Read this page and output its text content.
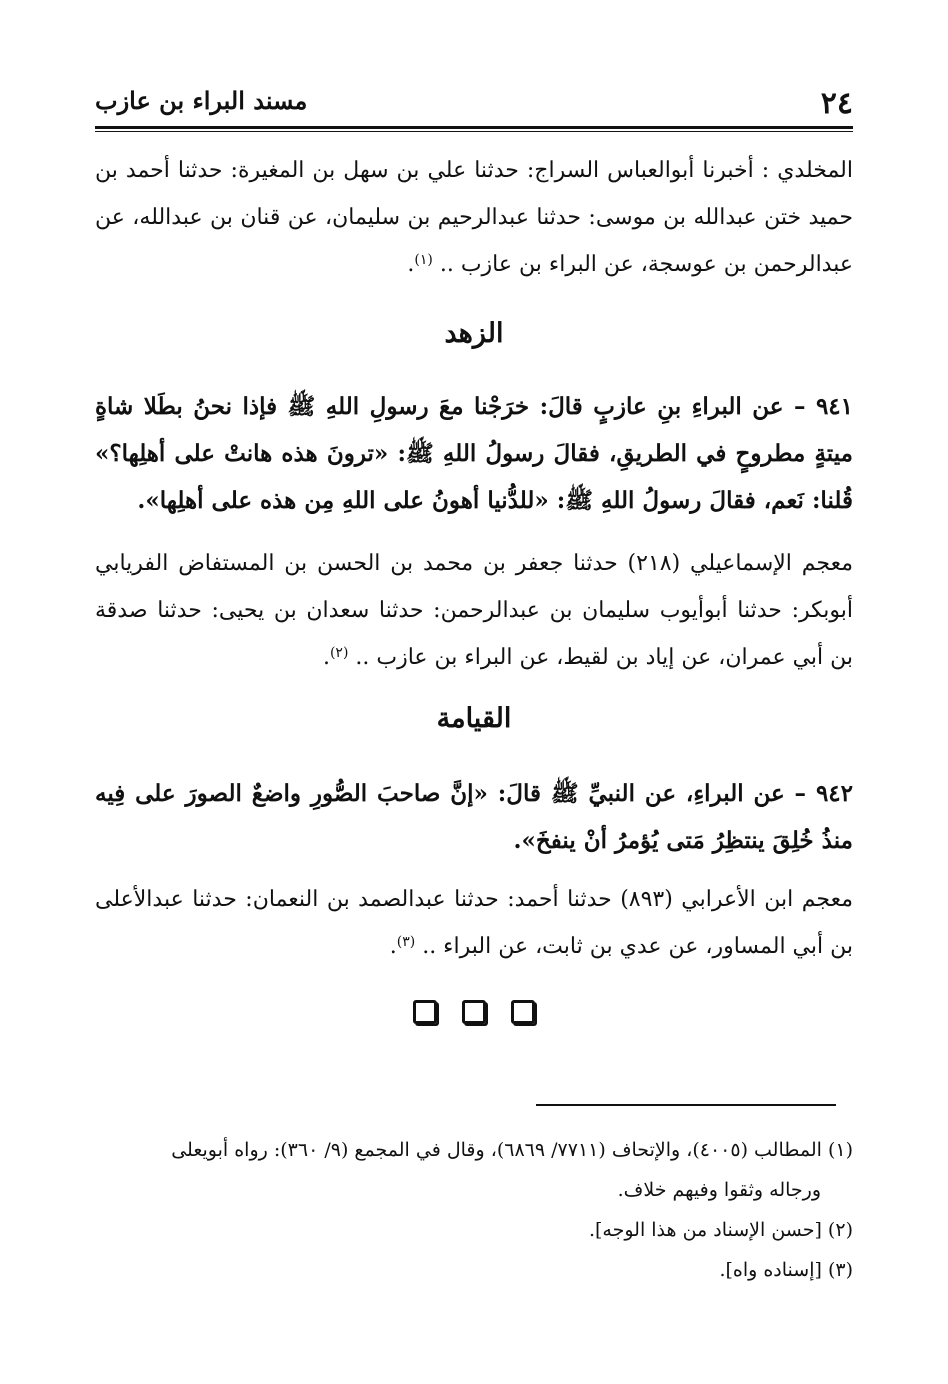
٢٤
مسند البراء بن عازب
المخلدي : أخبرنا أبوالعباس السراج: حدثنا علي بن سهل بن المغيرة: حدثنا أحمد بن حميد ختن عبدالله بن موسى: حدثنا عبدالرحيم بن سليمان، عن قنان بن عبدالله، عن عبدالرحمن بن عوسجة، عن البراء بن عازب .. $^{(١)}$.
الزهد
٩٤١ – عن البراءِ بنِ عازبٍ قالَ: خرَجْنا معَ رسولِ اللهِ ﷺ فإذا نحنُ بطَلا شاةٍ ميتةٍ مطروحٍ في الطريقِ، فقالَ رسولُ اللهِ ﷺ: «ترونَ هذه هانتْ على أهلِها؟» قُلنا: نَعم، فقالَ رسولُ اللهِ ﷺ: «للدُّنيا أهونُ على اللهِ مِن هذه على أهلِها».
معجم الإسماعيلي (٢١٨) حدثنا جعفر بن محمد بن الحسن بن المستفاض الفريابي أبوبكر: حدثنا أبوأيوب سليمان بن عبدالرحمن: حدثنا سعدان بن يحيى: حدثنا صدقة بن أبي عمران، عن إياد بن لقيط، عن البراء بن عازب .. $^{(٢)}$.
القيامة
٩٤٢ – عن البراءِ، عن النبيِّ ﷺ قالَ: «إنَّ صاحبَ الصُّورِ واضعٌ الصورَ على فِيه منذُ خُلِقَ ينتظِرُ مَتى يُؤمرُ أنْ ينفخَ».
معجم ابن الأعرابي (٨٩٣) حدثنا أحمد: حدثنا عبدالصمد بن النعمان: حدثنا عبدالأعلى بن أبي المساور، عن عدي بن ثابت، عن البراء .. $^{(٣)}$.

(١) المطالب (٤٠٠٥)، والإتحاف (٧٧١١/ ٦٨٦٩)، وقال في المجمع (٩/ ٣٦٠): رواه أبويعلى
ورجاله وثقوا وفيهم خلاف.
(٢) [حسن الإسناد من هذا الوجه].
(٣) [إسناده واه].
